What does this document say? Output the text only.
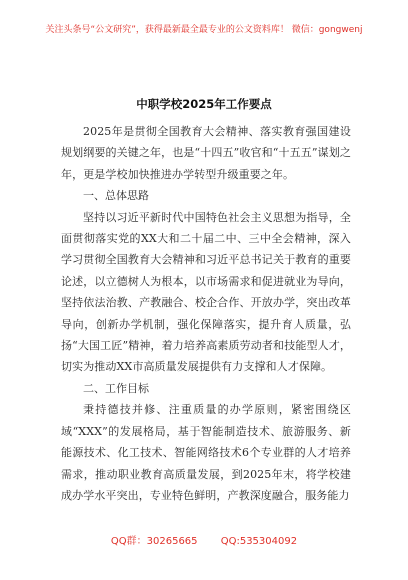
关注头条号“公文研究”，获得最新最全最专业的公文资料库！ 微信：gongwenj
中职学校2025年工作要点

2025年是贯彻全国教育大会精神、落实教育强国建设规划纲要的关键之年，也是“十四五”收官和“十五五”谋划之年，更是学校加快推进办学转型升级重要之年。

一、总体思路

坚持以习近平新时代中国特色社会主义思想为指导，全面贯彻落实党的XX大和二十届二中、三中全会精神，深入学习贯彻全国教育大会精神和习近平总书记关于教育的重要论述，以立德树人为根本，以市场需求和促进就业为导向，坚持依法治教、产教融合、校企合作、开放办学，突出改革导向，创新办学机制，强化保障落实，提升育人质量，弘扬“大国工匠”精神，着力培养高素质劳动者和技能型人才，切实为推动XX市高质量发展提供有力支撑和人才保障。

二、工作目标

秉持德技并修、注重质量的办学原则，紧密围绕区域“XXX”的发展格局，基于智能制造技术、旅游服务、新能源技术、化工技术、智能网络技术6个专业群的人才培养需求，推动职业教育高质量发展，到2025年末，将学校建成办学水平突出，专业特色鲜明，产教深度融合，服务能力

QQ群：30265665 QQ:535304092
